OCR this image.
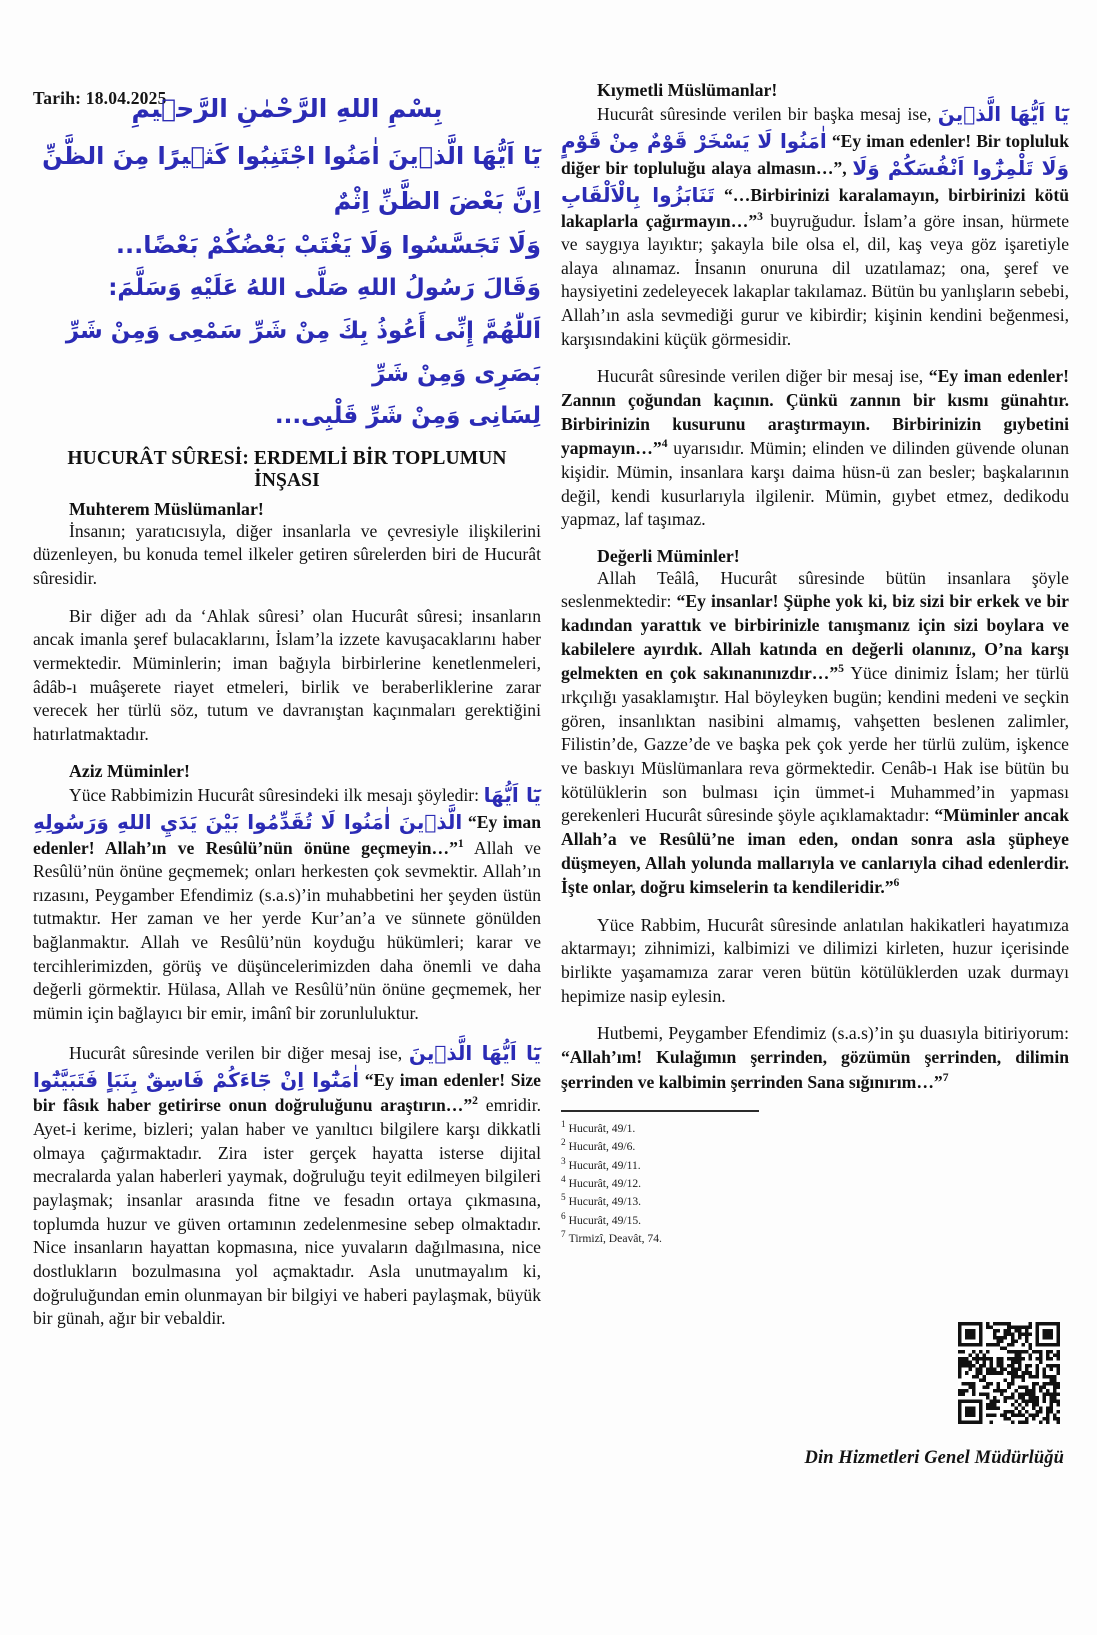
Tarih: 18.04.2025
بِسْمِ اللهِ الرَّحْمٰنِ الرَّح۪يمِ
يَٓا اَيُّهَا الَّذ۪ينَ اٰمَنُوا اجْتَنِبُوا كَث۪يرًا مِنَ الظَّنِّ اِنَّ بَعْضَ الظَّنِّ اِثْمٌ
وَلَا تَجَسَّسُوا وَلَا يَغْتَبْ بَعْضُكُمْ بَعْضًا...
وَقَالَ رَسُولُ اللهِ صَلَّى اللهُ عَلَيْهِ وَسَلَّمَ:
اَللّٰهُمَّ إِنِّى أَعُوذُ بِكَ مِنْ شَرِّ سَمْعِى وَمِنْ شَرِّ بَصَرِى وَمِنْ شَرِّ
لِسَانِى وَمِنْ شَرِّ قَلْبِى...
HUCURÂT SÛRESİ: ERDEMLİ BİR TOPLUMUN
İNŞASI
Muhterem Müslümanlar!

İnsanın; yaratıcısıyla, diğer insanlarla ve çevresiyle ilişkilerini düzenleyen, bu konuda temel ilkeler getiren sûrelerden biri de Hucurât sûresidir.

Bir diğer adı da ‘Ahlak sûresi’ olan Hucurât sûresi; insanların ancak imanla şeref bulacaklarını, İslam’la izzete kavuşacaklarını haber vermektedir. Müminlerin; iman bağıyla birbirlerine kenetlenmeleri, âdâb-ı muâşerete riayet etmeleri, birlik ve beraberliklerine zarar verecek her türlü söz, tutum ve davranıştan kaçınmaları gerektiğini hatırlatmaktadır.

Aziz Müminler!

Yüce Rabbimizin Hucurât sûresindeki ilk mesajı şöyledir: يَٓا اَيُّهَا الَّذ۪ينَ اٰمَنُوا لَا تُقَدِّمُوا بَيْنَ يَدَيِ اللهِ وَرَسُولِهِ “Ey iman edenler! Allah’ın ve Resûlü’nün önüne geçmeyin…”$^1$ Allah ve Resûlü’nün önüne geçmemek; onları herkesten çok sevmektir. Allah’ın rızasını, Peygamber Efendimiz (s.a.s)’in muhabbetini her şeyden üstün tutmaktır. Her zaman ve her yerde Kur’an’a ve sünnete gönülden bağlanmaktır. Allah ve Resûlü’nün koyduğu hükümleri; karar ve tercihlerimizden, görüş ve düşüncelerimizden daha önemli ve daha değerli görmektir. Hülasa, Allah ve Resûlü’nün önüne geçmemek, her mümin için bağlayıcı bir emir, imânî bir zorunluluktur.

Hucurât sûresinde verilen bir diğer mesaj ise, يَٓا اَيُّهَا الَّذ۪ينَ اٰمَنُٓوا اِنْ جَٓاءَكُمْ فَاسِقٌ بِنَبَاٍ فَتَبَيَّنُٓوا “Ey iman edenler! Size bir fâsık haber getirirse onun doğruluğunu araştırın…”$^2$ emridir. Ayet-i kerime, bizleri; yalan haber ve yanıltıcı bilgilere karşı dikkatli olmaya çağırmaktadır. Zira ister gerçek hayatta isterse dijital mecralarda yalan haberleri yaymak, doğruluğu teyit edilmeyen bilgileri paylaşmak; insanlar arasında fitne ve fesadın ortaya çıkmasına, toplumda huzur ve güven ortamının zedelenmesine sebep olmaktadır. Nice insanların hayattan kopmasına, nice yuvaların dağılmasına, nice dostlukların bozulmasına yol açmaktadır. Asla unutmayalım ki, doğruluğundan emin olunmayan bir bilgiyi ve haberi paylaşmak, büyük bir günah, ağır bir vebaldir.

Kıymetli Müslümanlar!

Hucurât sûresinde verilen bir başka mesaj ise, يَٓا اَيُّهَا الَّذ۪ينَ اٰمَنُوا لَا يَسْخَرْ قَوْمٌ مِنْ قَوْمٍ “Ey iman edenler! Bir topluluk diğer bir topluluğu alaya almasın…”, وَلَا تَلْمِزُٓوا اَنْفُسَكُمْ وَلَا تَنَابَزُوا بِالْاَلْقَابِ “…Birbirinizi karalamayın, birbirinizi kötü lakaplarla çağırmayın…”$^3$ buyruğudur. İslam’a göre insan, hürmete ve saygıya layıktır; şakayla bile olsa el, dil, kaş veya göz işaretiyle alaya alınamaz. İnsanın onuruna dil uzatılamaz; ona, şeref ve haysiyetini zedeleyecek lakaplar takılamaz. Bütün bu yanlışların sebebi, Allah’ın asla sevmediği gurur ve kibirdir; kişinin kendini beğenmesi, karşısındakini küçük görmesidir.

Hucurât sûresinde verilen diğer bir mesaj ise, “Ey iman edenler! Zannın çoğundan kaçının. Çünkü zannın bir kısmı günahtır. Birbirinizin kusurunu araştırmayın. Birbirinizin gıybetini yapmayın…”$^4$ uyarısıdır. Mümin; elinden ve dilinden güvende olunan kişidir. Mümin, insanlara karşı daima hüsn-ü zan besler; başkalarının değil, kendi kusurlarıyla ilgilenir. Mümin, gıybet etmez, dedikodu yapmaz, laf taşımaz.

Değerli Müminler!

Allah Teâlâ, Hucurât sûresinde bütün insanlara şöyle seslenmektedir: “Ey insanlar! Şüphe yok ki, biz sizi bir erkek ve bir kadından yarattık ve birbirinizle tanışmanız için sizi boylara ve kabilelere ayırdık. Allah katında en değerli olanınız, O’na karşı gelmekten en çok sakınanınızdır…”$^5$ Yüce dinimiz İslam; her türlü ırkçılığı yasaklamıştır. Hal böyleyken bugün; kendini medeni ve seçkin gören, insanlıktan nasibini almamış, vahşetten beslenen zalimler, Filistin’de, Gazze’de ve başka pek çok yerde her türlü zulüm, işkence ve baskıyı Müslümanlara reva görmektedir. Cenâb-ı Hak ise bütün bu kötülüklerin son bulması için ümmet-i Muhammed’in yapması gerekenleri Hucurât sûresinde şöyle açıklamaktadır: “Müminler ancak Allah’a ve Resûlü’ne iman eden, ondan sonra asla şüpheye düşmeyen, Allah yolunda mallarıyla ve canlarıyla cihad edenlerdir. İşte onlar, doğru kimselerin ta kendileridir.”$^6$

Yüce Rabbim, Hucurât sûresinde anlatılan hakikatleri hayatımıza aktarmayı; zihnimizi, kalbimizi ve dilimizi kirleten, huzur içerisinde birlikte yaşamamıza zarar veren bütün kötülüklerden uzak durmayı hepimize nasip eylesin.

Hutbemi, Peygamber Efendimiz (s.a.s)’in şu duasıyla bitiriyorum: “Allah’ım! Kulağımın şerrinden, gözümün şerrinden, dilimin şerrinden ve kalbimin şerrinden Sana sığınırım…”$^7$

$^1$ Hucurât, 49/1.
$^2$ Hucurât, 49/6.
$^3$ Hucurât, 49/11.
$^4$ Hucurât, 49/12.
$^5$ Hucurât, 49/13.
$^6$ Hucurât, 49/15.
$^7$ Tirmizî, Deavât, 74.
Din Hizmetleri Genel Müdürlüğü
